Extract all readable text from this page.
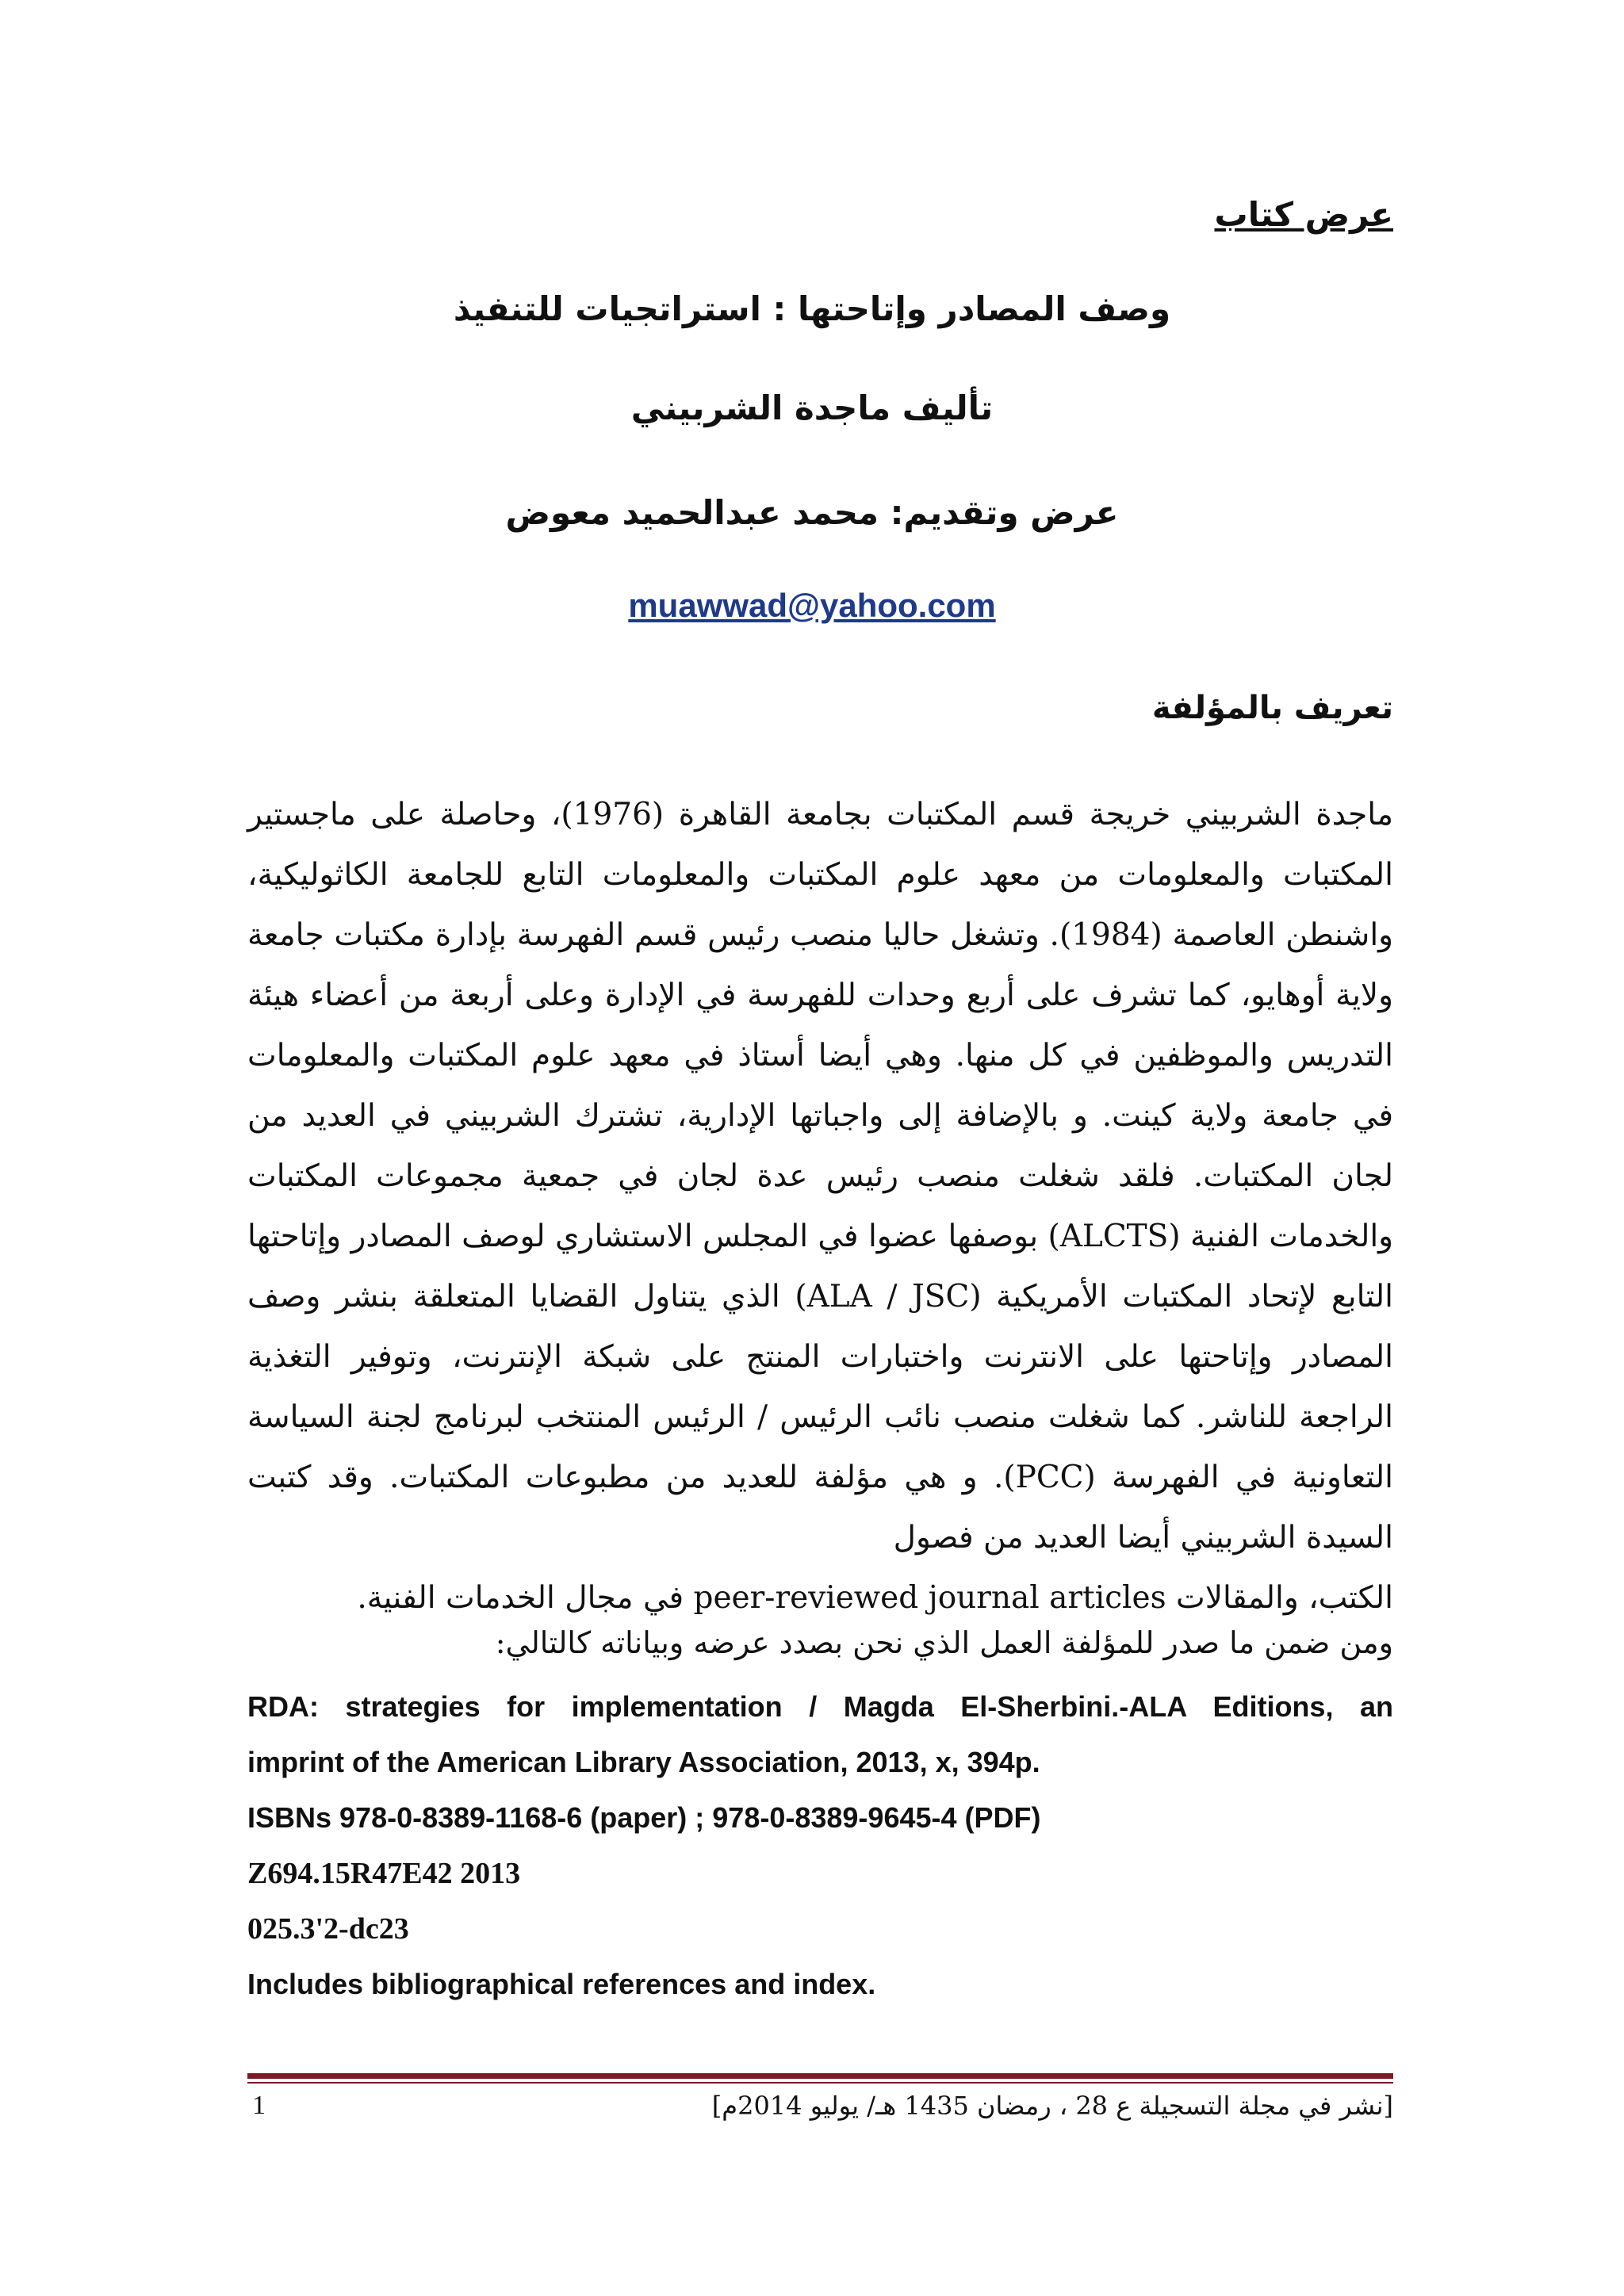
عرض كتاب
وصف المصادر وإتاحتها : استراتجيات للتنفيذ
تأليف ماجدة الشربيني
عرض وتقديم: محمد عبدالحميد معوض
muawwad@yahoo.com
تعريف بالمؤلفة
ماجدة الشربيني خريجة قسم المكتبات بجامعة القاهرة (1976)، وحاصلة على ماجستير المكتبات والمعلومات من معهد علوم المكتبات والمعلومات التابع للجامعة الكاثوليكية، واشنطن العاصمة (1984). وتشغل حاليا منصب رئيس قسم الفهرسة بإدارة مكتبات جامعة ولاية أوهايو، كما تشرف على أربع وحدات للفهرسة في الإدارة وعلى أربعة من أعضاء هيئة التدريس والموظفين في كل منها. وهي أيضا أستاذ في معهد علوم المكتبات والمعلومات في جامعة ولاية كينت. و بالإضافة إلى واجباتها الإدارية، تشترك الشربيني في العديد من لجان المكتبات. فلقد شغلت منصب رئيس عدة لجان في جمعية مجموعات المكتبات والخدمات الفنية (ALCTS) بوصفها عضوا في المجلس الاستشاري لوصف المصادر وإتاحتها التابع لإتحاد المكتبات الأمريكية (ALA / JSC) الذي يتناول القضايا المتعلقة بنشر وصف المصادر وإتاحتها على الانترنت واختبارات المنتج على شبكة الإنترنت، وتوفير التغذية الراجعة للناشر. كما شغلت منصب نائب الرئيس / الرئيس المنتخب لبرنامج لجنة السياسة التعاونية في الفهرسة (PCC). و هي مؤلفة للعديد من مطبوعات المكتبات. وقد كتبت السيدة الشربيني أيضا العديد من فصول
الكتب، والمقالات peer-reviewed journal articles في مجال الخدمات الفنية.
ومن ضمن ما صدر للمؤلفة العمل الذي نحن بصدد عرضه وبياناته كالتالي:
RDA: strategies for implementation / Magda El-Sherbini.-ALA Editions, an
imprint of the American Library Association, 2013, x, 394p.
ISBNs 978-0-8389-1168-6 (paper) ; 978-0-8389-9645-4 (PDF)
Z694.15R47E42 2013
025.3'2-dc23
Includes bibliographical references and index.
[نشر في مجلة التسجيلة ع 28 ، رمضان 1435 هـ/ يوليو 2014م]
1
